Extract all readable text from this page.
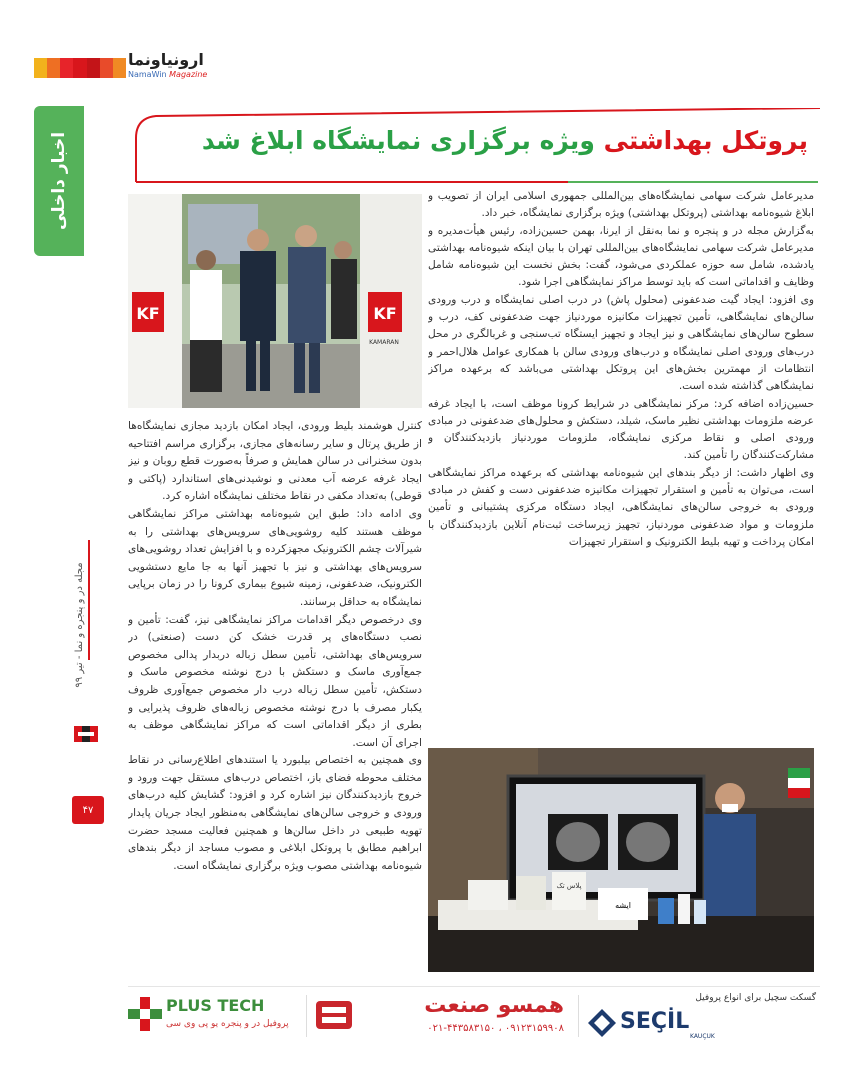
ارونیاونما
NamaWin Magazine
اخبار داخلی	پروتکل بهداشتی ویژه برگزاری نمایشگاه ابلاغ شد

مدیرعامل شرکت سهامی نمایشگاه‌های بین‌المللی جمهوری اسلامی ایران از تصویب و ابلاغ شیوه‌نامه بهداشتی (پروتکل بهداشتی) ویژه برگزاری نمایشگاه، خبر داد.

به‌گزارش مجله در و پنجره و نما به‌نقل از ایرنا، بهمن حسین‌زاده، رئیس هیأت‌مدیره و مدیرعامل شرکت سهامی نمایشگاه‌های بین‌المللی تهران با بیان اینکه شیوه‌نامه بهداشتی یادشده، شامل سه حوزه عملکردی می‌شود، گفت: بخش نخست این شیوه‌نامه شامل وظایف و اقداماتی است که باید توسط مراکز نمایشگاهی اجرا شود.

وی افزود: ایجاد گیت ضدعفونی (محلول پاش) در درب اصلی نمایشگاه و درب ورودی سالن‌های نمایشگاهی، تأمین تجهیزات مکانیزه موردنیاز جهت ضدعفونی کف، درب و سطوح سالن‌های نمایشگاهی و نیز ایجاد و تجهیز ایستگاه تب‌سنجی و غربالگری در محل درب‌های ورودی اصلی نمایشگاه و درب‌های ورودی سالن با همکاری عوامل هلال‌احمر و انتظامات از مهمترین بخش‌های این پروتکل بهداشتی می‌باشد که برعهده مراکز نمایشگاهی گذاشته شده است.

حسین‌زاده اضافه کرد: مرکز نمایشگاهی در شرایط کرونا موظف است، با ایجاد غرفه عرضه ملزومات بهداشتی نظیر ماسک، شیلد، دستکش و محلول‌های ضدعفونی در مبادی ورودی اصلی و نقاط مرکزی نمایشگاه، ملزومات موردنیاز بازدیدکنندگان و مشارکت‌کنندگان را تأمین کند.

وی اظهار داشت: از دیگر بندهای این شیوه‌نامه بهداشتی که برعهده مراکز نمایشگاهی است، می‌توان به تأمین و استقرار تجهیزات مکانیزه ضدعفونی دست و کفش در مبادی ورودی به خروجی سالن‌های نمایشگاهی، ایجاد دستگاه مرکزی پشتیبانی و تأمین ملزومات و مواد ضدعفونی موردنیاز، تجهیز زیرساخت ثبت‌نام آنلاین بازدیدکنندگان با امکان پرداخت و تهیه بلیط الکترونیک و استقرار تجهیزات

KF	KF
KAMARAN

کنترل هوشمند بلیط ورودی، ایجاد امکان بازدید مجازی نمایشگاه‌ها از طریق پرتال و سایر رسانه‌های مجازی، برگزاری مراسم افتتاحیه بدون سخنرانی در سالن همایش و صرفاً به‌صورت قطع روبان و نیز ایجاد غرفه عرضه آب معدنی و نوشیدنی‌های استاندارد (پاکتی و قوطی) به‌تعداد مکفی در نقاط مختلف نمایشگاه اشاره کرد.

وی ادامه داد: طبق این شیوه‌نامه بهداشتی مراکز نمایشگاهی موظف هستند کلیه روشویی‌های سرویس‌های بهداشتی را به شیرآلات چشم الکترونیک مجهزکرده و با افزایش تعداد روشویی‌های سرویس‌های بهداشتی و نیز با تجهیز آنها به جا مایع دستشویی الکترونیک، ضدعفونی، زمینه شیوع بیماری کرونا را در زمان برپایی نمایشگاه به حداقل برسانند.

وی درخصوص دیگر اقدامات مراکز نمایشگاهی نیز، گفت: تأمین و نصب دستگاه‌های پر قدرت خشک کن دست (صنعتی) در سرویس‌های بهداشتی، تأمین سطل زباله دربدار پدالی مخصوص جمع‌آوری ماسک و دستکش با درج نوشته مخصوص ماسک و دستکش، تأمین سطل زباله درب دار مخصوص جمع‌آوری ظروف یکبار مصرف با درج نوشته مخصوص زباله‌های ظروف پذیرایی و بطری از دیگر اقداماتی است که مراکز نمایشگاهی موظف به اجرای آن است.

وی همچنین به اختصاص بیلبورد یا استندهای اطلاع‌رسانی در نقاط مختلف محوطه فضای باز، اختصاص درب‌های مستقل جهت ورود و خروج بازدیدکنندگان نیز اشاره کرد و افزود: گشایش کلیه درب‌های ورودی و خروجی سالن‌های نمایشگاهی به‌منظور ایجاد جریان پایدار تهویه طبیعی در داخل سالن‌ها و همچنین فعالیت مسجد حضرت ابراهیم مطابق با پروتکل ابلاغی و مصوب مساجد از دیگر بندهای شیوه‌نامه بهداشتی مصوب ویژه برگزاری نمایشگاه است.

پلاس تک
ایشه
مجله در و پنجره و نما - تیر ۹۹
۴۷
PLUS TECH
پروفیل در و پنجره یو پی وی سی
همسو صنعت
۰۲۱-۴۴۳۵۸۳۱۵۰ ، ۰۹۱۲۳۱۵۹۹۰۸
گسکت سچیل برای انواع پروفیل
SEÇİL
KAUÇUK
